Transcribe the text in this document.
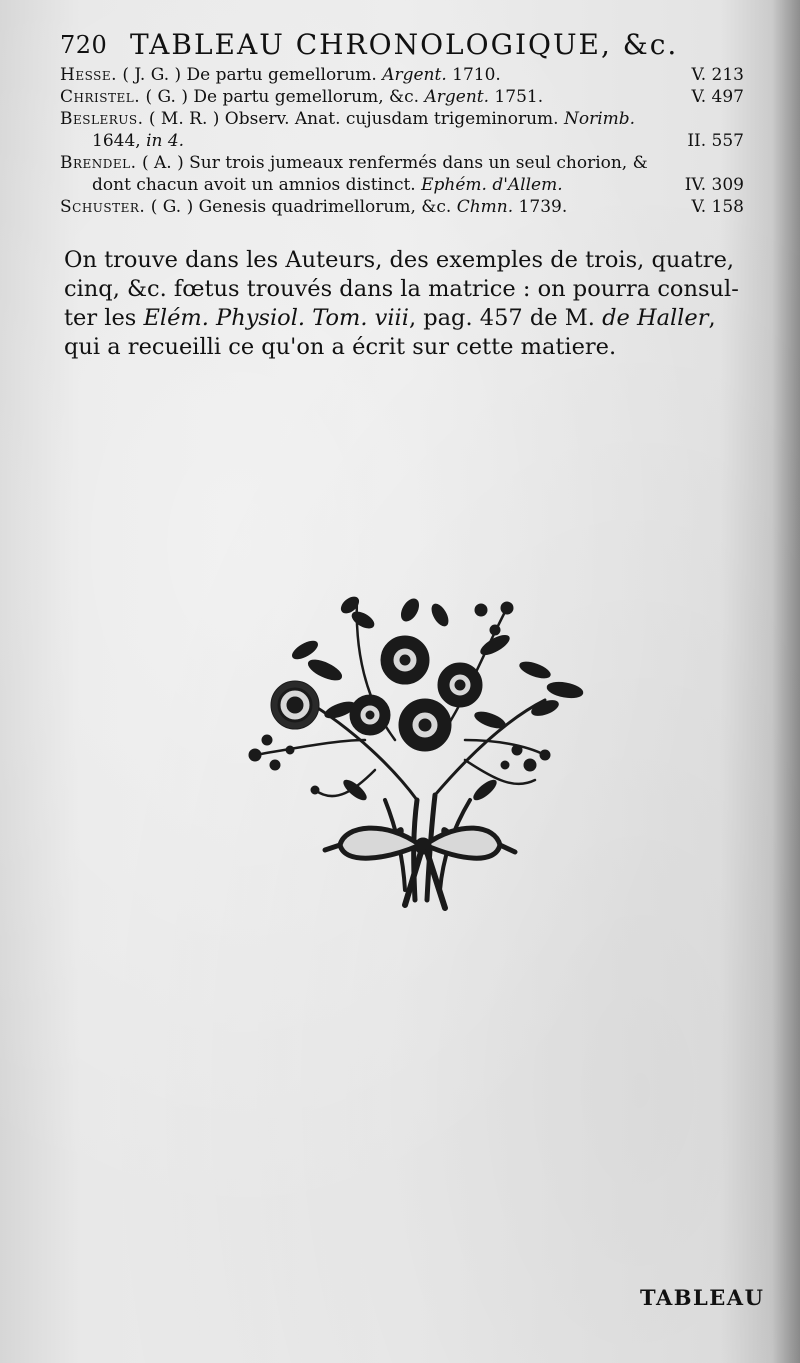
720 TABLEAU CHRONOLOGIQUE, &c.
Hesse. ( J. G. ) De partu gemellorum. Argent. 1710.	V. 213
Christel. ( G. ) De partu gemellorum, &c. Argent. 1751.	V. 497
Beslerus. ( M. R. ) Observ. Anat. cujusdam trigeminorum. Norimb.
1644, in 4.	II. 557
Brendel. ( A. ) Sur trois jumeaux renfermés dans un seul chorion, &
dont chacun avoit un amnios distinct. Ephém. d'Allem.	IV. 309
Schuster. ( G. ) Genesis quadrimellorum, &c. Chmn. 1739.	V. 158
On trouve dans les Auteurs, des exemples de trois, quatre,
cinq, &c. fœtus trouvés dans la matrice : on pourra consul-
ter les Elém. Physiol. Tom. viii, pag. 457 de M. de Haller,
qui a recueilli ce qu'on a écrit sur cette matiere.
TABLEAU
